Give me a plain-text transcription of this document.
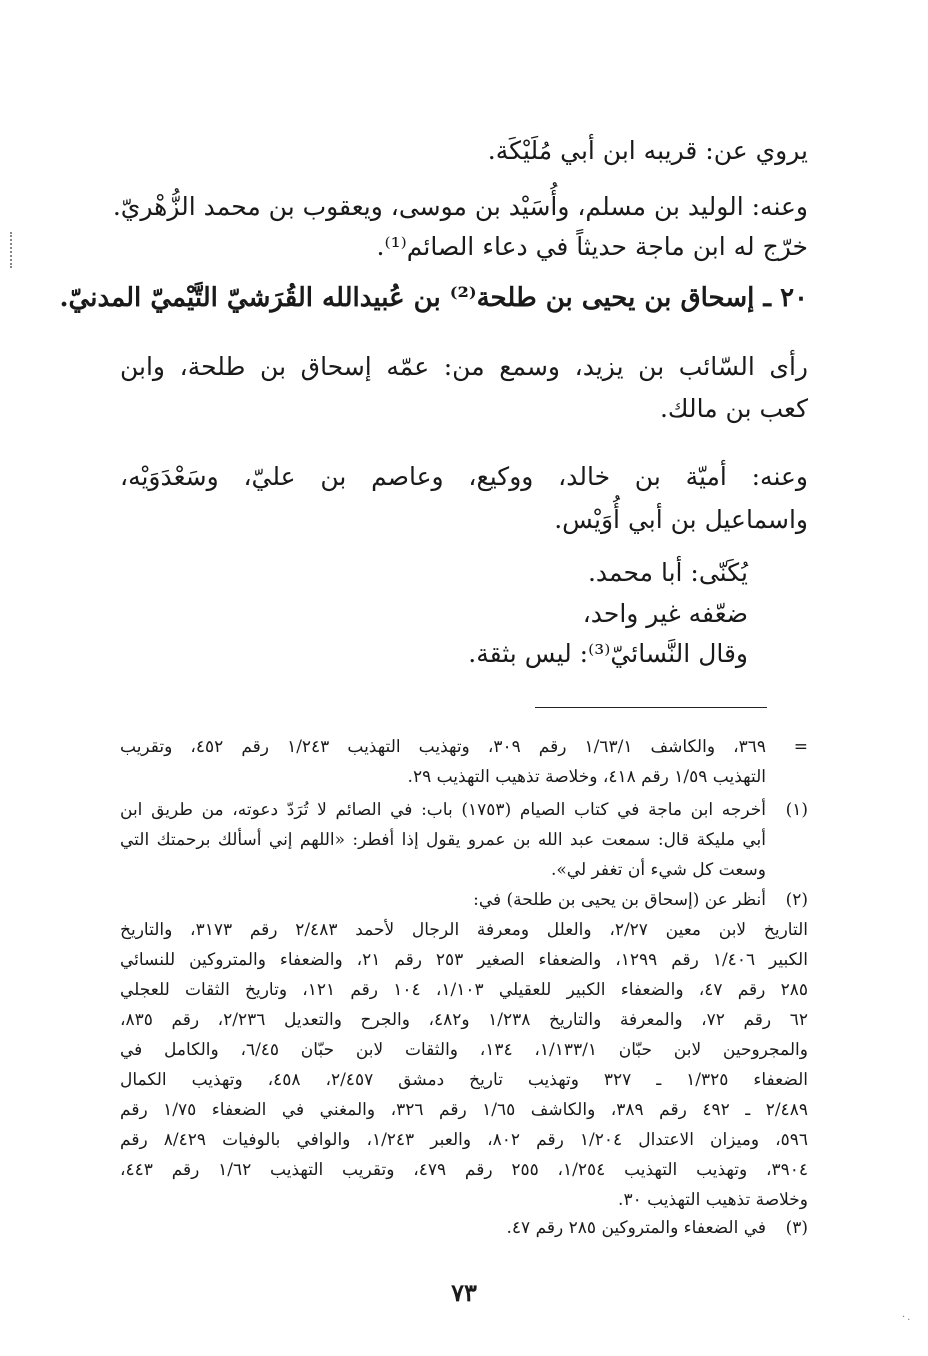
يروي عن: قريبه ابن أبي مُلَيْكَة.
وعنه: الوليد بن مسلم، وأُسَيْد بن موسى، ويعقوب بن محمد الزُّهْريّ.
خرّج له ابن ماجة حديثاً في دعاء الصائم⁽¹⁾.
٢٠ ـ إسحاق بن يحيى بن طلحة⁽²⁾ بن عُبيدالله القُرَشيّ التَّيْميّ المدنيّ.
رأى السّائب بن يزيد، وسمع من: عمّه إسحاق بن طلحة، وابن
كعب بن مالك.
وعنه: أميّة بن خالد، ووكيع، وعاصم بن عليّ، وسَعْدَوَيْه،
واسماعيل بن أبي أُوَيْس.
يُكَنّى: أبا محمد.
ضعّفه غير واحد،
وقال النَّسائيّ⁽³⁾: ليس بثقة.
=
٣٦٩، والكاشف ١/٦٣/١ رقم ٣٠٩، وتهذيب التهذيب ١/٢٤٣ رقم ٤٥٢، وتقريب
التهذيب ١/٥٩ رقم ٤١٨، وخلاصة تذهيب التهذيب ٢٩.
(١)
أخرجه ابن ماجة في كتاب الصيام (١٧٥٣) باب: في الصائم لا تُرَدّ دعوته، من طريق ابن
أبي مليكة قال: سمعت عبد الله بن عمرو يقول إذا أفطر: «اللهم إني أسألك برحمتك التي
وسعت كل شيء أن تغفر لي».
(٢)
أنظر عن (إسحاق بن يحيى بن طلحة) في:
التاريخ لابن معين ٢/٢٧، والعلل ومعرفة الرجال لأحمد ٢/٤٨٣ رقم ٣١٧٣، والتاريخ
الكبير ١/٤٠٦ رقم ١٢٩٩، والضعفاء الصغير ٢٥٣ رقم ٢١، والضعفاء والمتروكين للنسائي
٢٨٥ رقم ٤٧، والضعفاء الكبير للعقيلي ١/١٠٣، ١٠٤ رقم ١٢١، وتاريخ الثقات للعجلي
٦٢ رقم ٧٢، والمعرفة والتاريخ ١/٢٣٨ و٤٨٢، والجرح والتعديل ٢/٢٣٦، رقم ٨٣٥،
والمجروحين لابن حبّان ١/١٣٣/١، ١٣٤، والثقات لابن حبّان ٦/٤٥، والكامل في
الضعفاء ١/٣٢٥ ـ ٣٢٧ وتهذيب تاريخ دمشق ٢/٤٥٧، ٤٥٨، وتهذيب الكمال
٢/٤٨٩ ـ ٤٩٢ رقم ٣٨٩، والكاشف ١/٦٥ رقم ٣٢٦، والمغني في الضعفاء ١/٧٥ رقم
٥٩٦، وميزان الاعتدال ١/٢٠٤ رقم ٨٠٢، والعبر ١/٢٤٣، والوافي بالوفيات ٨/٤٢٩ رقم
٣٩٠٤، وتهذيب التهذيب ١/٢٥٤، ٢٥٥ رقم ٤٧٩، وتقريب التهذيب ١/٦٢ رقم ٤٤٣،
وخلاصة تذهيب التهذيب ٣٠.
(٣)
في الضعفاء والمتروكين ٢٨٥ رقم ٤٧.
٧٣
·.
